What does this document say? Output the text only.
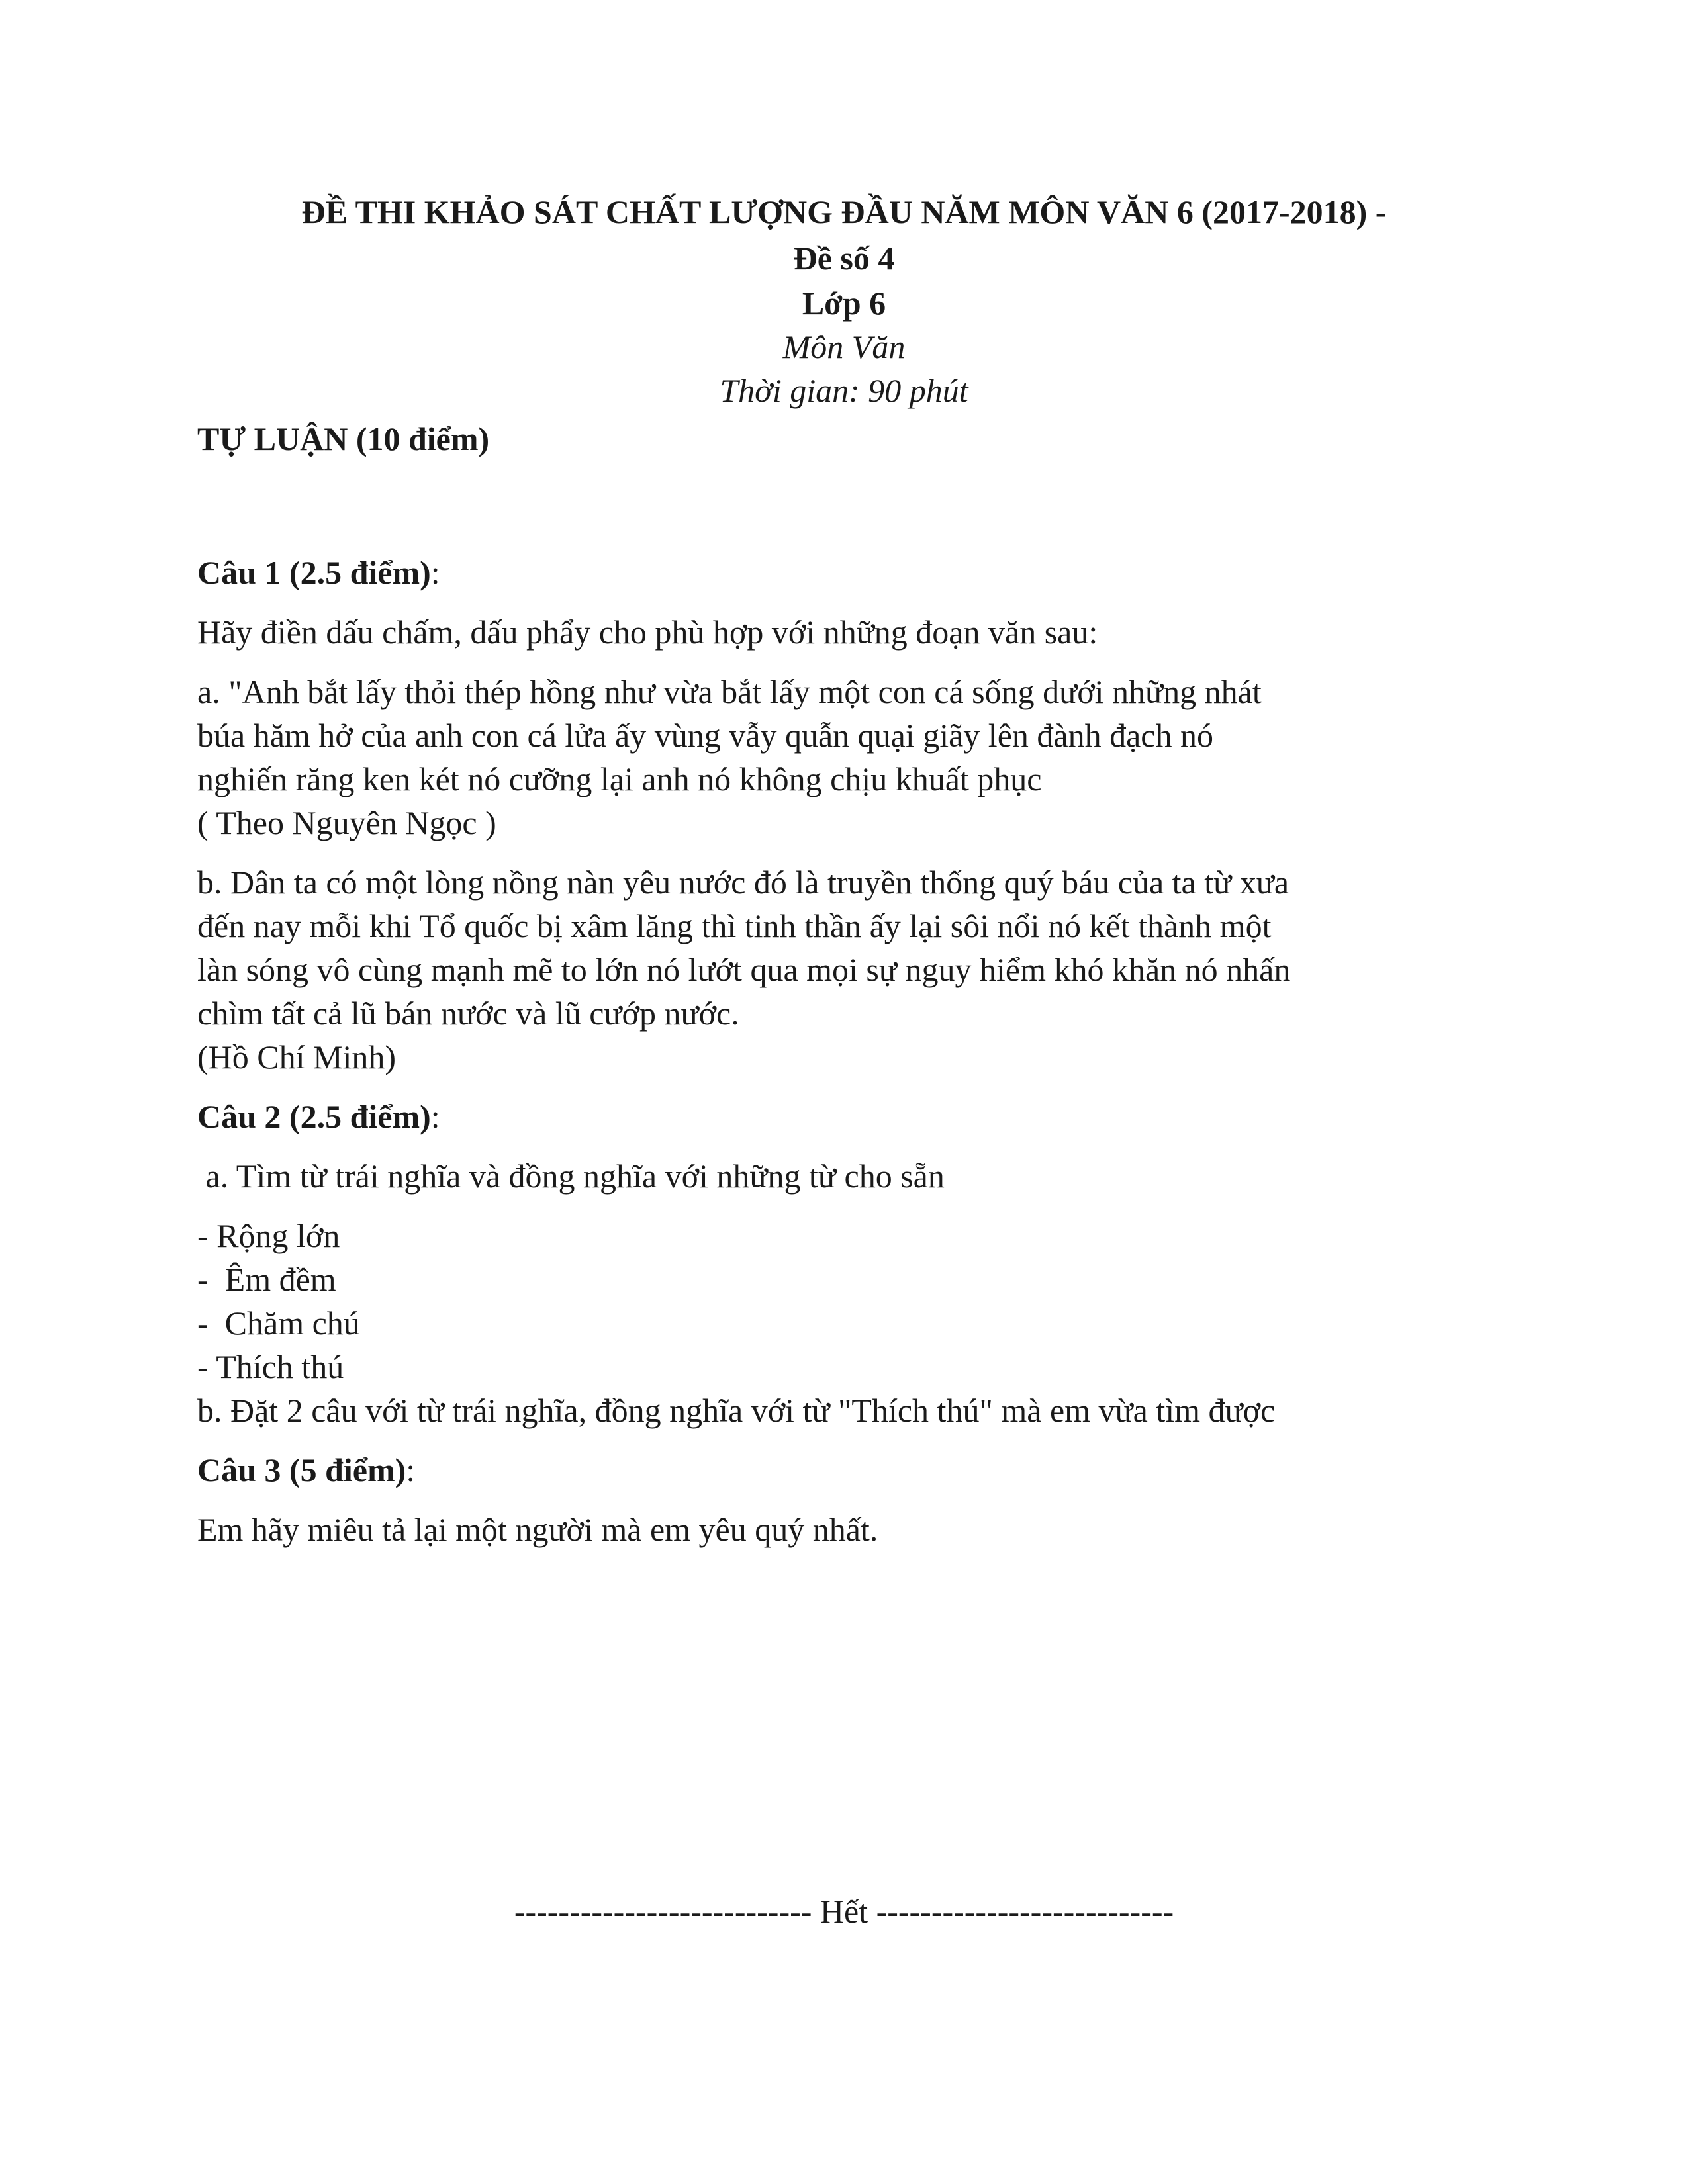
ĐỀ THI KHẢO SÁT CHẤT LƯỢNG ĐẦU NĂM MÔN VĂN 6 (2017-2018) -
Đề số 4

Lớp 6

Môn Văn

Thời gian: 90 phút

TỰ LUẬN (10 điểm)

Câu 1 (2.5 điểm):

Hãy điền dấu chấm, dấu phẩy cho phù hợp với những đoạn văn sau:

a. "Anh bắt lấy thỏi thép hồng như vừa bắt lấy một con cá sống dưới những nhát
búa hăm hở của anh con cá lửa ấy vùng vẫy quẫn quại giãy lên đành đạch nó
nghiến răng ken két nó cưỡng lại anh nó không chịu khuất phục
( Theo Nguyên Ngọc )

b. Dân ta có một lòng nồng nàn yêu nước đó là truyền thống quý báu của ta từ xưa
đến nay mỗi khi Tổ quốc bị xâm lăng thì tinh thần ấy lại sôi nổi nó kết thành một
làn sóng vô cùng mạnh mẽ to lớn nó lướt qua mọi sự nguy hiểm khó khăn nó nhấn
chìm tất cả lũ bán nước và lũ cướp nước.
(Hồ Chí Minh)

Câu 2 (2.5 điểm):

a. Tìm từ trái nghĩa và đồng nghĩa với những từ cho sẵn

- Rộng lớn
-  Êm đềm
-  Chăm chú
- Thích thú
b. Đặt 2 câu với từ trái nghĩa, đồng nghĩa với từ "Thích thú" mà em vừa tìm được

Câu 3 (5 điểm):

Em hãy miêu tả lại một người mà em yêu quý nhất.

--------------------------- Hết ---------------------------
